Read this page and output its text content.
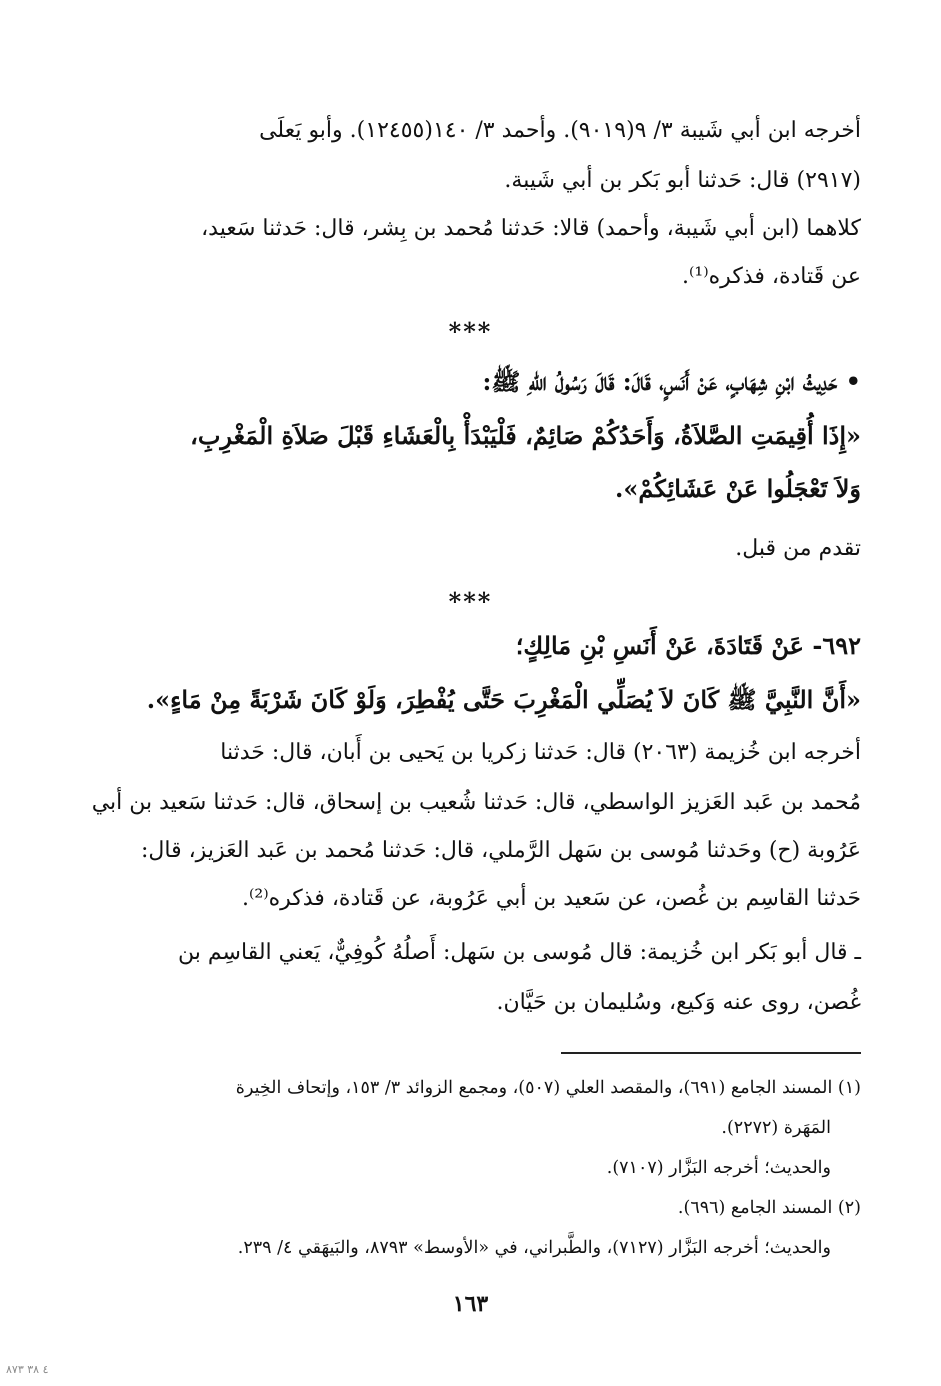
أخرجه ابن أبي شَيبة ٣/ ٩(٩٠١٩). وأحمد ٣/ ١٤٠(١٢٤٥٥). وأبو يَعلَى
(٢٩١٧) قال: حَدثنا أبو بَكر بن أبي شَيبة.
كلاهما (ابن أبي شَيبة، وأحمد) قالا: حَدثنا مُحمد بن بِشر، قال: حَدثنا سَعيد،
عن قَتادة، فذكره⁽¹⁾.
***
• حَدِيثُ ابْنِ شِهَابٍ، عَنْ أَنَسٍ، قَالَ: قَالَ رَسُولُ اللهِ ﷺ:
«إِذَا أُقِيمَتِ الصَّلاَةُ، وَأَحَدُكُمْ صَائِمٌ، فَلْيَبْدَأْ بِالْعَشَاءِ قَبْلَ صَلاَةِ الْمَغْرِبِ،
وَلاَ تَعْجَلُوا عَنْ عَشَائِكُمْ».
تقدم من قبل.
***
٦٩٢- عَنْ قَتَادَةَ، عَنْ أَنَسِ بْنِ مَالِكٍ؛
«أَنَّ النَّبِيَّ ﷺ كَانَ لاَ يُصَلِّي الْمَغْرِبَ حَتَّى يُفْطِرَ، وَلَوْ كَانَ شَرْبَةً مِنْ مَاءٍ».
أخرجه ابن خُزيمة (٢٠٦٣) قال: حَدثنا زكريا بن يَحيى بن أَبان، قال: حَدثنا
مُحمد بن عَبد العَزيز الواسطي، قال: حَدثنا شُعيب بن إسحاق، قال: حَدثنا سَعيد بن أبي
عَرُوبة (ح) وحَدثنا مُوسى بن سَهل الرَّملي، قال: حَدثنا مُحمد بن عَبد العَزيز، قال:
حَدثنا القاسِم بن غُصن، عن سَعيد بن أبي عَرُوبة، عن قَتادة، فذكره⁽²⁾.
ـ قال أبو بَكر ابن خُزيمة: قال مُوسى بن سَهل: أَصلُهُ كُوفِيٌّ، يَعني القاسِم بن
غُصن، روى عنه وَكيع، وسُليمان بن حَيَّان.
(١) المسند الجامع (٦٩١)، والمقصد العلي (٥٠٧)، ومجمع الزوائد ٣/ ١٥٣، وإتحاف الخِيرة
المَهَرة (٢٢٧٢).
والحديث؛ أخرجه البَزَّار (٧١٠٧).
(٢) المسند الجامع (٦٩٦).
والحديث؛ أخرجه البَزَّار (٧١٢٧)، والطَّبراني، في «الأوسط» ٨٧٩٣، والبَيهَقي ٤/ ٢٣٩.
١٦٣
٤ ٣٨ ٨٧٣
